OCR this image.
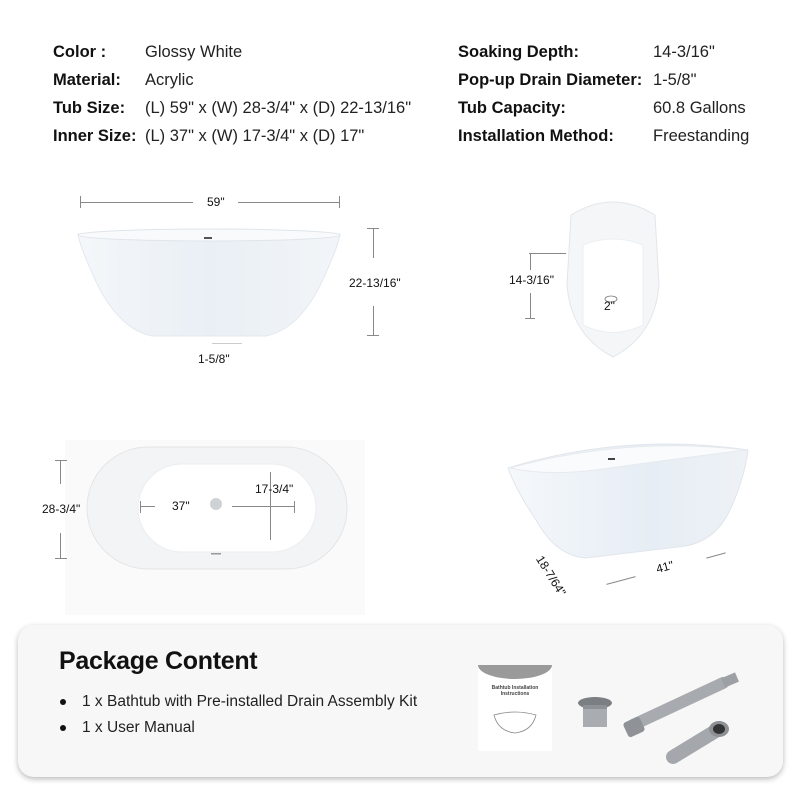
Color :	Glossy White
Material:	Acrylic
Tub Size:	(L) 59" x (W) 28-3/4" x (D) 22-13/16"
Inner Size: (L) 37" x (W) 17-3/4" x (D) 17"
Soaking Depth:	14-3/16"
Pop-up Drain Diameter: 1-5/8"
Tub Capacity:	60.8 Gallons
Installation Method:	Freestanding
59"
22-13/16"
1-5/8"
2"
14-3/16"
28-3/4"	37"
17-3/4"
18-7/64"	41"
Package Content
1 x Bathtub with Pre-installed Drain Assembly Kit
1 x User Manual
Bathtub Installation Instructions
